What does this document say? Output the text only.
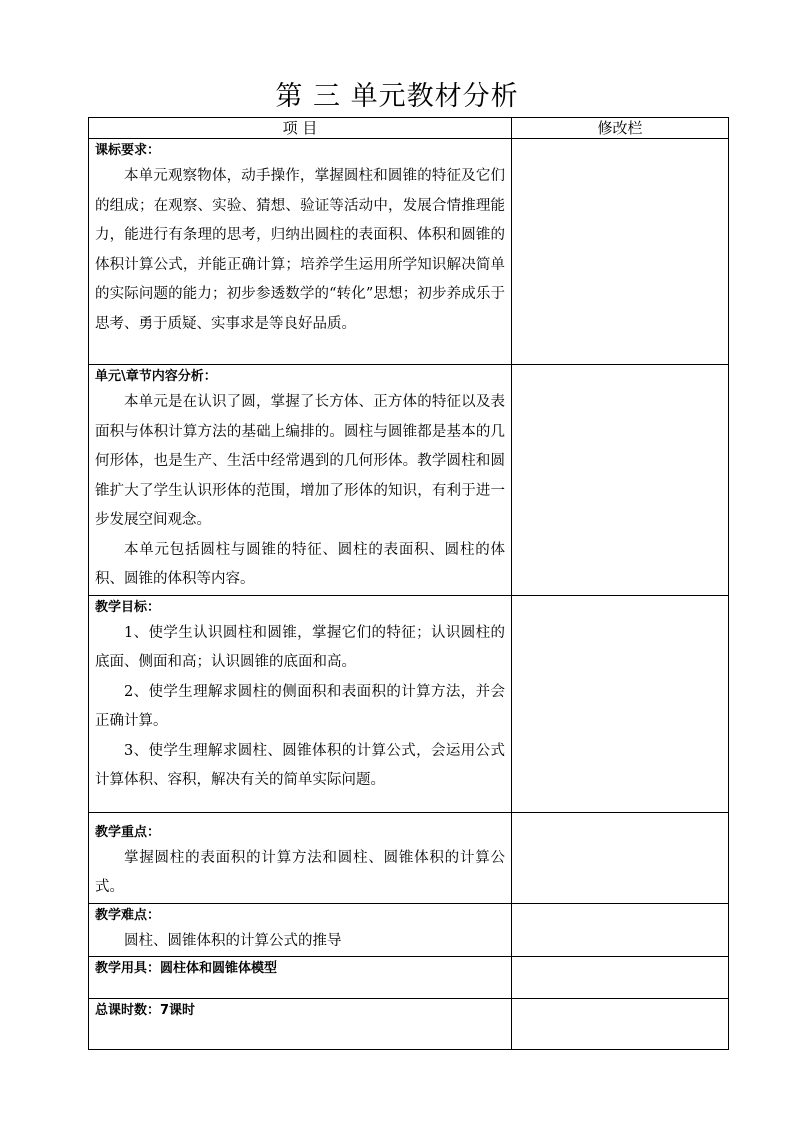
第 三 单元教材分析
项 目	修改栏

课标要求：
本单元观察物体，动手操作，掌握圆柱和圆锥的特征及它们的组成；在观察、实验、猜想、验证等活动中，发展合情推理能力，能进行有条理的思考，归纳出圆柱的表面积、体积和圆锥的体积计算公式，并能正确计算；培养学生运用所学知识解决简单的实际问题的能力；初步参透数学的“转化”思想；初步养成乐于思考、勇于质疑、实事求是等良好品质。	

单元\章节内容分析：
本单元是在认识了圆，掌握了长方体、正方体的特征以及表面积与体积计算方法的基础上编排的。圆柱与圆锥都是基本的几何形体，也是生产、生活中经常遇到的几何形体。教学圆柱和圆锥扩大了学生认识形体的范围，增加了形体的知识，有利于进一步发展空间观念。
本单元包括圆柱与圆锥的特征、圆柱的表面积、圆柱的体积、圆锥的体积等内容。	

教学目标：
1、使学生认识圆柱和圆锥，掌握它们的特征；认识圆柱的底面、侧面和高；认识圆锥的底面和高。
2、使学生理解求圆柱的侧面积和表面积的计算方法，并会正确计算。
3、使学生理解求圆柱、圆锥体积的计算公式，会运用公式计算体积、容积，解决有关的简单实际问题。	

教学重点：
掌握圆柱的表面积的计算方法和圆柱、圆锥体积的计算公式。	

教学难点：
圆柱、圆锥体积的计算公式的推导	

教学用具：圆柱体和圆锥体模型	

总课时数：7课时	
